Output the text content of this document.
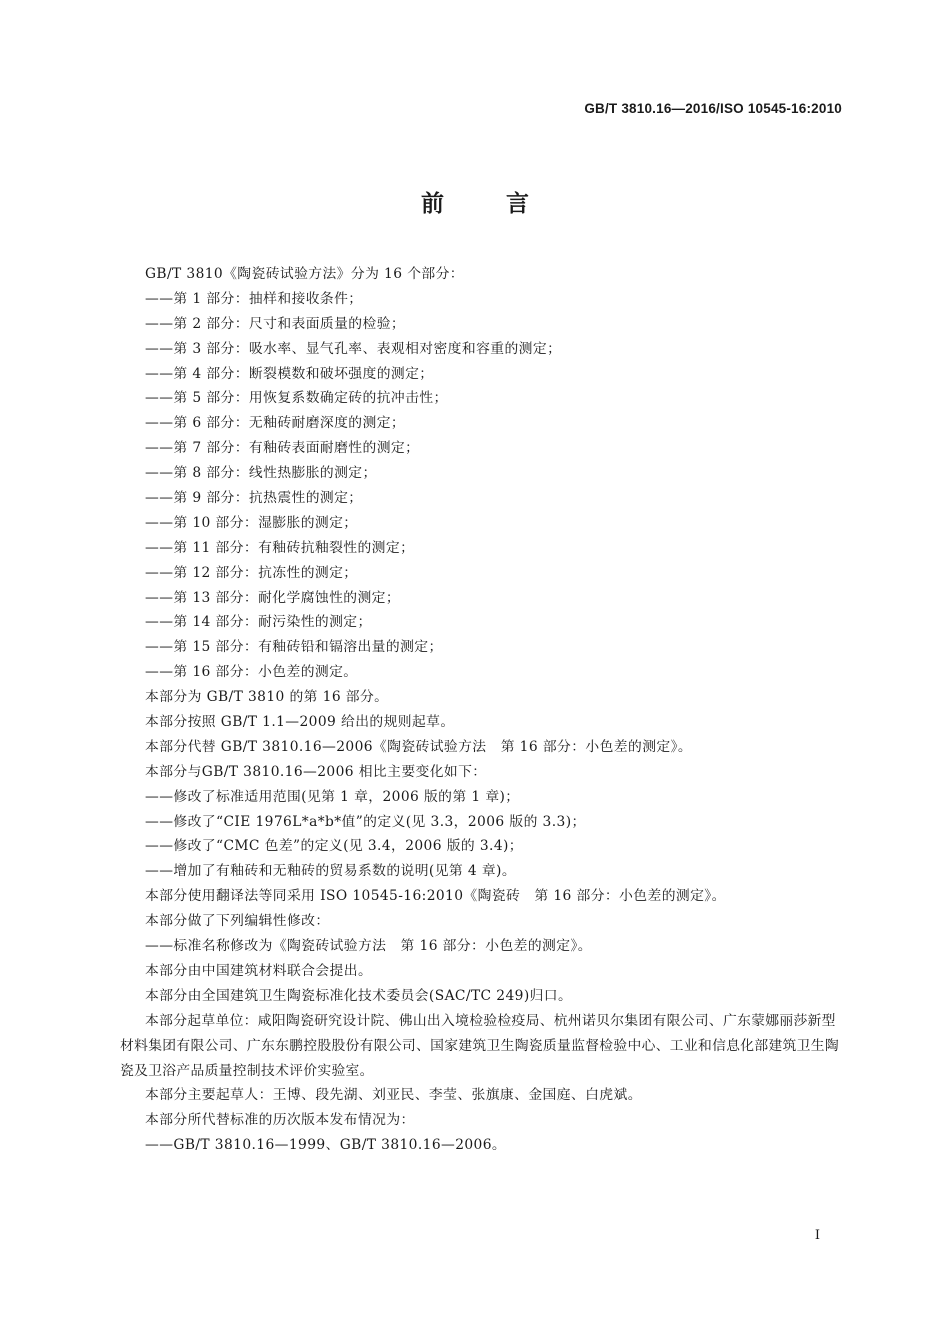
GB/T 3810.16—2016/ISO 10545-16:2010
前言
GB/T 3810《陶瓷砖试验方法》分为 16 个部分：
——第 1 部分：抽样和接收条件；
——第 2 部分：尺寸和表面质量的检验；
——第 3 部分：吸水率、显气孔率、表观相对密度和容重的测定；
——第 4 部分：断裂模数和破坏强度的测定；
——第 5 部分：用恢复系数确定砖的抗冲击性；
——第 6 部分：无釉砖耐磨深度的测定；
——第 7 部分：有釉砖表面耐磨性的测定；
——第 8 部分：线性热膨胀的测定；
——第 9 部分：抗热震性的测定；
——第 10 部分：湿膨胀的测定；
——第 11 部分：有釉砖抗釉裂性的测定；
——第 12 部分：抗冻性的测定；
——第 13 部分：耐化学腐蚀性的测定；
——第 14 部分：耐污染性的测定；
——第 15 部分：有釉砖铅和镉溶出量的测定；
——第 16 部分：小色差的测定。
本部分为 GB/T 3810 的第 16 部分。
本部分按照 GB/T 1.1—2009 给出的规则起草。
本部分代替 GB/T 3810.16—2006《陶瓷砖试验方法　第 16 部分：小色差的测定》。
本部分与GB/T 3810.16—2006 相比主要变化如下：
——修改了标准适用范围(见第 1 章，2006 版的第 1 章)；
——修改了“CIE 1976L*a*b*值”的定义(见 3.3，2006 版的 3.3)；
——修改了“CMC 色差”的定义(见 3.4，2006 版的 3.4)；
——增加了有釉砖和无釉砖的贸易系数的说明(见第 4 章)。
本部分使用翻译法等同采用 ISO 10545-16:2010《陶瓷砖　第 16 部分：小色差的测定》。
本部分做了下列编辑性修改：
——标准名称修改为《陶瓷砖试验方法　第 16 部分：小色差的测定》。
本部分由中国建筑材料联合会提出。
本部分由全国建筑卫生陶瓷标准化技术委员会(SAC/TC 249)归口。
本部分起草单位：咸阳陶瓷研究设计院、佛山出入境检验检疫局、杭州诺贝尔集团有限公司、广东蒙娜丽莎新型材料集团有限公司、广东东鹏控股股份有限公司、国家建筑卫生陶瓷质量监督检验中心、工业和信息化部建筑卫生陶瓷及卫浴产品质量控制技术评价实验室。
本部分主要起草人：王博、段先湖、刘亚民、李莹、张旗康、金国庭、白虎斌。
本部分所代替标准的历次版本发布情况为：
——GB/T 3810.16—1999、GB/T 3810.16—2006。
I
